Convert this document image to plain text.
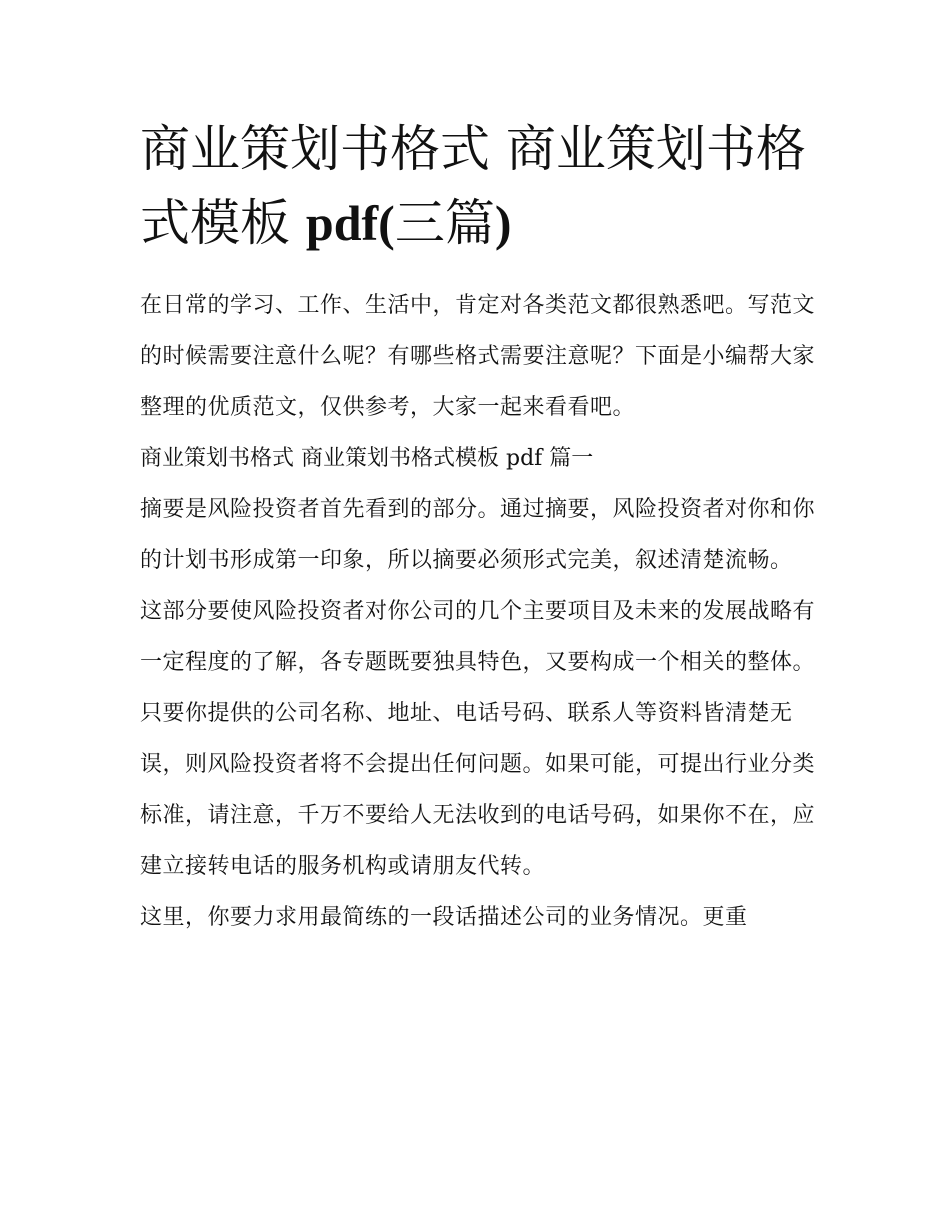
商业策划书格式 商业策划书格式模板 pdf(三篇)

在日常的学习、工作、生活中，肯定对各类范文都很熟悉吧。写范文的时候需要注意什么呢？有哪些格式需要注意呢？下面是小编帮大家整理的优质范文，仅供参考，大家一起来看看吧。

商业策划书格式 商业策划书格式模板 pdf 篇一

摘要是风险投资者首先看到的部分。通过摘要，风险投资者对你和你的计划书形成第一印象，所以摘要必须形式完美，叙述清楚流畅。

这部分要使风险投资者对你公司的几个主要项目及未来的发展战略有一定程度的了解，各专题既要独具特色，又要构成一个相关的整体。

只要你提供的公司名称、地址、电话号码、联系人等资料皆清楚无误，则风险投资者将不会提出任何问题。如果可能，可提出行业分类标准，请注意，千万不要给人无法收到的电话号码，如果你不在，应建立接转电话的服务机构或请朋友代转。

这里，你要力求用最简练的一段话描述公司的业务情况。更重
